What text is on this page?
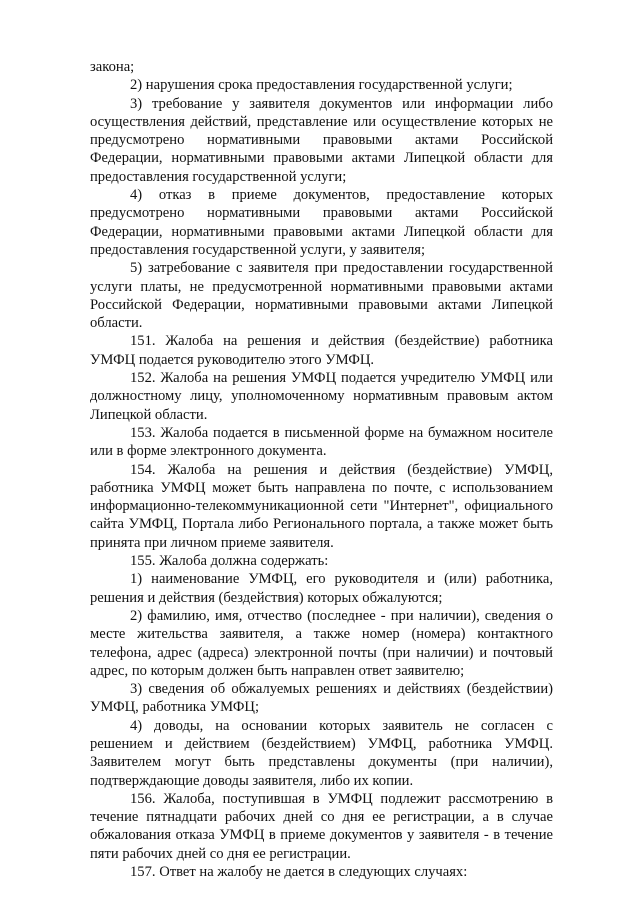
закона;

2) нарушения срока предоставления государственной услуги;

3) требование у заявителя документов или информации либо осуществления действий, представление или осуществление которых не предусмотрено нормативными правовыми актами Российской Федерации, нормативными правовыми актами Липецкой области для предоставления государственной услуги;

4) отказ в приеме документов, предоставление которых предусмотрено нормативными правовыми актами Российской Федерации, нормативными правовыми актами Липецкой области для предоставления государственной услуги, у заявителя;

5) затребование с заявителя при предоставлении государственной услуги платы, не предусмотренной нормативными правовыми актами Российской Федерации, нормативными правовыми актами Липецкой области.

151. Жалоба на решения и действия (бездействие) работника УМФЦ подается руководителю этого УМФЦ.

152. Жалоба на решения УМФЦ подается учредителю УМФЦ или должностному лицу, уполномоченному нормативным правовым актом Липецкой области.

153. Жалоба подается в письменной форме на бумажном носителе или в форме электронного документа.

154. Жалоба на решения и действия (бездействие) УМФЦ, работника УМФЦ может быть направлена по почте, с использованием информационно-телекоммуникационной сети "Интернет", официального сайта УМФЦ, Портала либо Регионального портала, а также может быть принята при личном приеме заявителя.

155. Жалоба должна содержать:

1) наименование УМФЦ, его руководителя и (или) работника, решения и действия (бездействия) которых обжалуются;

2) фамилию, имя, отчество (последнее - при наличии), сведения о месте жительства заявителя, а также номер (номера) контактного телефона, адрес (адреса) электронной почты (при наличии) и почтовый адрес, по которым должен быть направлен ответ заявителю;

3) сведения об обжалуемых решениях и действиях (бездействии) УМФЦ, работника УМФЦ;

4) доводы, на основании которых заявитель не согласен с решением и действием (бездействием) УМФЦ, работника УМФЦ. Заявителем могут быть представлены документы (при наличии), подтверждающие доводы заявителя, либо их копии.

156. Жалоба, поступившая в УМФЦ подлежит рассмотрению в течение пятнадцати рабочих дней со дня ее регистрации, а в случае обжалования отказа УМФЦ в приеме документов у заявителя - в течение пяти рабочих дней со дня ее регистрации.

157. Ответ на жалобу не дается в следующих случаях:
